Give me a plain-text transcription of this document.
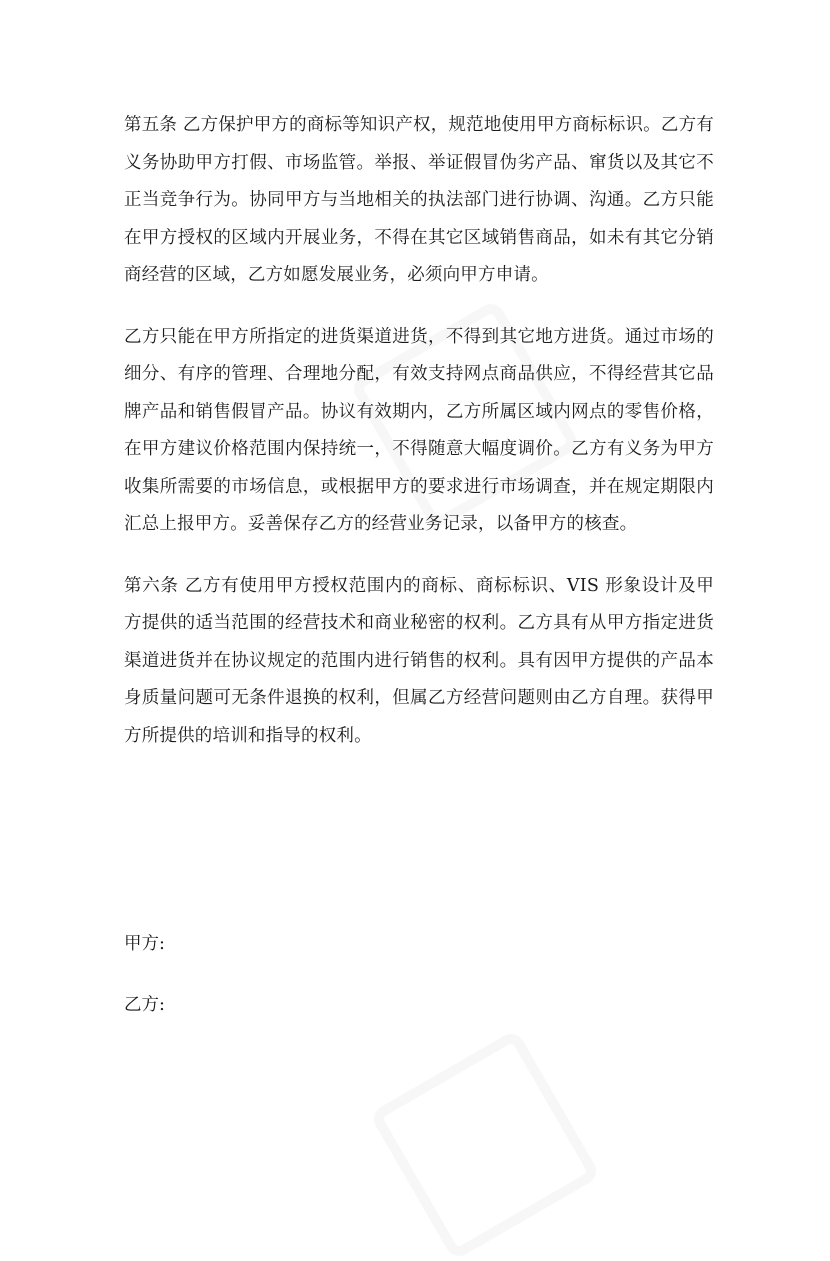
第五条 乙方保护甲方的商标等知识产权，规范地使用甲方商标标识。乙方有义务协助甲方打假、市场监管。举报、举证假冒伪劣产品、窜货以及其它不正当竞争行为。协同甲方与当地相关的执法部门进行协调、沟通。乙方只能在甲方授权的区域内开展业务，不得在其它区域销售商品，如未有其它分销商经营的区域，乙方如愿发展业务，必须向甲方申请。

乙方只能在甲方所指定的进货渠道进货，不得到其它地方进货。通过市场的细分、有序的管理、合理地分配，有效支持网点商品供应，不得经营其它品牌产品和销售假冒产品。协议有效期内，乙方所属区域内网点的零售价格，在甲方建议价格范围内保持统一，不得随意大幅度调价。乙方有义务为甲方收集所需要的市场信息，或根据甲方的要求进行市场调查，并在规定期限内汇总上报甲方。妥善保存乙方的经营业务记录，以备甲方的核查。

第六条 乙方有使用甲方授权范围内的商标、商标标识、VIS 形象设计及甲方提供的适当范围的经营技术和商业秘密的权利。乙方具有从甲方指定进货渠道进货并在协议规定的范围内进行销售的权利。具有因甲方提供的产品本身质量问题可无条件退换的权利，但属乙方经营问题则由乙方自理。获得甲方所提供的培训和指导的权利。

甲方:
乙方:
